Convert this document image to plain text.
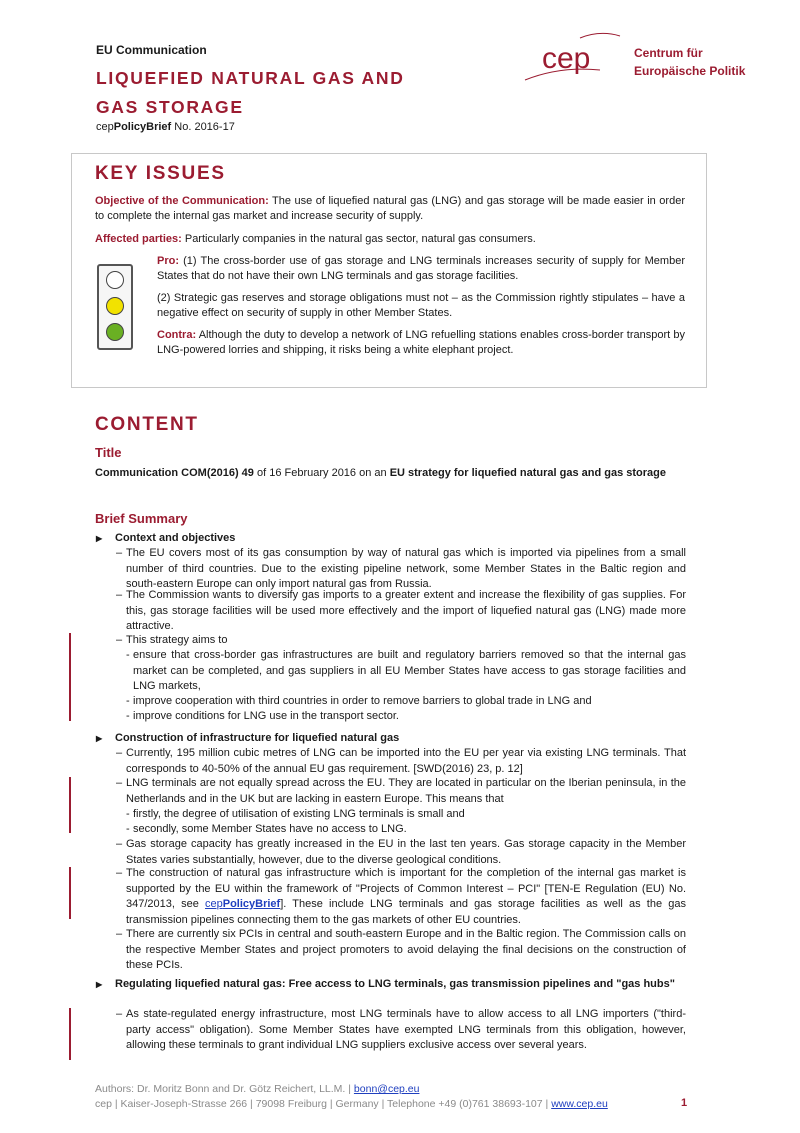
EU Communication
LIQUEFIED NATURAL GAS AND
GAS STORAGE
cepPolicyBrief No. 2016-17
cep	Centrum für
Europäische Politik
KEY ISSUES
Objective of the Communication: The use of liquefied natural gas (LNG) and gas storage will be made easier in order to complete the internal gas market and increase security of supply.
Affected parties: Particularly companies in the natural gas sector, natural gas consumers.
Pro: (1) The cross-border use of gas storage and LNG terminals increases security of supply for Member States that do not have their own LNG terminals and gas storage facilities.
(2) Strategic gas reserves and storage obligations must not – as the Commission rightly stipulates – have a negative effect on security of supply in other Member States.
Contra: Although the duty to develop a network of LNG refuelling stations enables cross-border transport by LNG-powered lorries and shipping, it risks being a white elephant project.
CONTENT
Title
Communication COM(2016) 49 of 16 February 2016 on an EU strategy for liquefied natural gas and gas storage
Brief Summary
▶ Context and objectives
– The EU covers most of its gas consumption by way of natural gas which is imported via pipelines from a small number of third countries. Due to the existing pipeline network, some Member States in the Baltic region and south-eastern Europe can only import natural gas from Russia.
– The Commission wants to diversify gas imports to a greater extent and increase the flexibility of gas supplies. For this, gas storage facilities will be used more effectively and the import of liquefied natural gas (LNG) made more attractive.
– This strategy aims to
- ensure that cross-border gas infrastructures are built and regulatory barriers removed so that the internal gas market can be completed, and gas suppliers in all EU Member States have access to gas storage facilities and LNG markets,
- improve cooperation with third countries in order to remove barriers to global trade in LNG and
- improve conditions for LNG use in the transport sector.
▶ Construction of infrastructure for liquefied natural gas
– Currently, 195 million cubic metres of LNG can be imported into the EU per year via existing LNG terminals. That corresponds to 40-50% of the annual EU gas requirement. [SWD(2016) 23, p. 12]
– LNG terminals are not equally spread across the EU. They are located in particular on the Iberian peninsula, in the Netherlands and in the UK but are lacking in eastern Europe. This means that
- firstly, the degree of utilisation of existing LNG terminals is small and
- secondly, some Member States have no access to LNG.
– Gas storage capacity has greatly increased in the EU in the last ten years. Gas storage capacity in the Member States varies substantially, however, due to the diverse geological conditions.
– The construction of natural gas infrastructure which is important for the completion of the internal gas market is supported by the EU within the framework of "Projects of Common Interest – PCI" [TEN-E Regulation (EU) No. 347/2013, see cepPolicyBrief]. These include LNG terminals and gas storage facilities as well as the gas transmission pipelines connecting them to the gas markets of other EU countries.
– There are currently six PCIs in central and south-eastern Europe and in the Baltic region. The Commission calls on the respective Member States and project promoters to avoid delaying the final decisions on the construction of these PCIs.
▶ Regulating liquefied natural gas: Free access to LNG terminals, gas transmission pipelines and "gas hubs"
– As state-regulated energy infrastructure, most LNG terminals have to allow access to all LNG importers ("third-party access" obligation). Some Member States have exempted LNG terminals from this obligation, however, allowing these terminals to grant individual LNG suppliers exclusive access over several years.
Authors: Dr. Moritz Bonn and Dr. Götz Reichert, LL.M. | bonn@cep.eu
cep | Kaiser-Joseph-Strasse 266 | 79098 Freiburg | Germany | Telephone +49 (0)761 38693-107 | www.cep.eu	1
